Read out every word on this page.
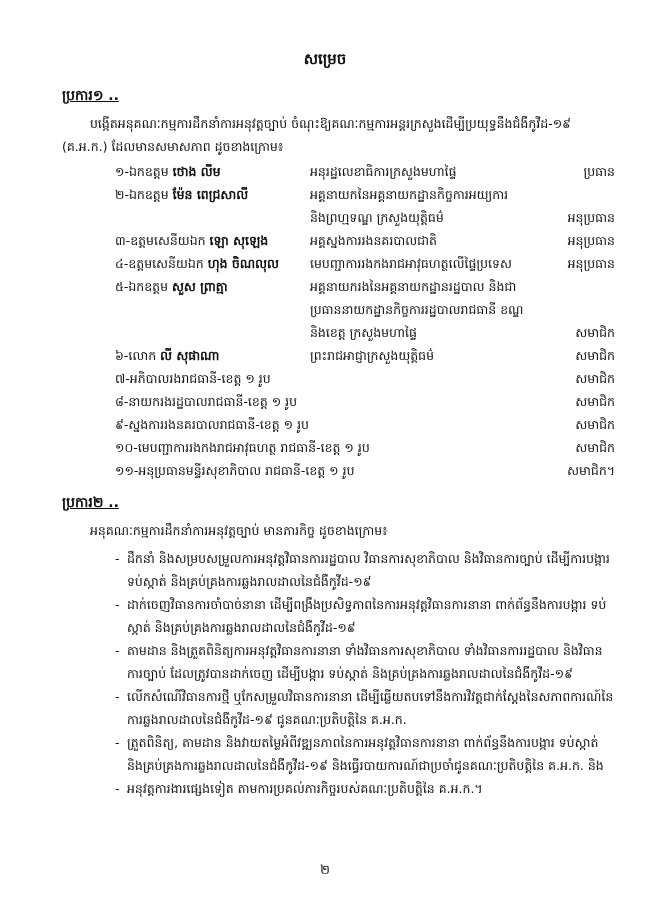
សម្រេច
ប្រការ១ ..
បង្កើតអនុគណៈកម្មការដឹកនាំការអនុវត្តច្បាប់ ចំណុះឱ្យគណៈកម្មការអន្តរក្រសួងដើម្បីប្រយុទ្ធនឹងជំងឺកូវីដ-១៩ (គ.អ.ក.) ដែលមានសមាសភាព ដូចខាងក្រោម៖
១-ឯកឧត្តម ថោង លីម	អនុរដ្ឋលេខាធិការក្រសួងមហាផ្ទៃ	ប្រធាន
២-ឯកឧត្តម ម៉ែន ពេជ្រសាលី	អគ្គនាយកនៃអគ្គនាយកដ្ឋានកិច្ចការអយ្យការ
និងព្រហ្មទណ្ឌ ក្រសួងយុត្តិធម៌	អនុប្រធាន
៣-ឧត្តមសេនីយឯក ឡោ សុឡេង	អគ្គស្នងការរងនគរបាលជាតិ	អនុប្រធាន
៤-ឧត្តមសេនីយឯក ហុង ចិណលុល	មេបញ្ជាការរងកងរាជអាវុធហត្ថលើផ្ទៃប្រទេស	អនុប្រធាន
៥-ឯកឧត្តម សួស ព្រាត្មា	អគ្គនាយករងនៃអគ្គនាយកដ្ឋានរដ្ឋបាល និងជា
ប្រធាននាយកដ្ឋានកិច្ចការរដ្ឋបាលរាជធានី ខណ្ឌ
និងខេត្ត ក្រសួងមហាផ្ទៃ	សមាជិក
៦-លោក លី សុផាណា	ព្រះរាជអាជ្ញាក្រសួងយុត្តិធម៌	សមាជិក
៧-អភិបាលរងរាជធានី-ខេត្ត ១ រូប	សមាជិក
៨-នាយករងរដ្ឋបាលរាជធានី-ខេត្ត ១ រូប	សមាជិក
៩-ស្នងការរងនគរបាលរាជធានី-ខេត្ត ១ រូប	សមាជិក
១០-មេបញ្ជាការរងកងរាជអាវុធហត្ថ រាជធានី-ខេត្ត ១ រូប	សមាជិក
១១-អនុប្រធានមន្ទីរសុខាភិបាល រាជធានី-ខេត្ត ១ រូប	សមាជិក។
ប្រការ២ ..
អនុគណៈកម្មការដឹកនាំការអនុវត្តច្បាប់ មានភារកិច្ច ដូចខាងក្រោម៖
- ដឹកនាំ និងសម្របសម្រួលការអនុវត្តវិធានការរដ្ឋបាល វិធានការសុខាភិបាល និងវិធានការច្បាប់ ដើម្បីការបង្ការ ទប់ស្កាត់ និងគ្រប់គ្រងការឆ្លងរាលដាលនៃជំងឺកូវីដ-១៩
- ដាក់ចេញវិធានការចាំបាច់នានា ដើម្បីពង្រឹងប្រសិទ្ធភាពនៃការអនុវត្តវិធានការនានា ពាក់ព័ន្ធនឹងការបង្ការ ទប់ស្កាត់ និងគ្រប់គ្រងការឆ្លងរាលដាលនៃជំងឺកូវីដ-១៩
- តាមដាន និងត្រួតពិនិត្យការអនុវត្តវិធានការនានា ទាំងវិធានការសុខាភិបាល ទាំងវិធានការរដ្ឋបាល និងវិធានការច្បាប់ ដែលត្រូវបានដាក់ចេញ ដើម្បីបង្ការ ទប់ស្កាត់ និងគ្រប់គ្រងការឆ្លងរាលដាលនៃជំងឺកូវីដ-១៩
- លើកសំណើវិធានការថ្មី ឬកែសម្រួលវិធានការនានា ដើម្បីឆ្លើយតបទៅនឹងការវិវត្តជាក់ស្តែងនៃសភាពការណ៍នៃការឆ្លងរាលដាលនៃជំងឺកូវីដ-១៩ ជូនគណៈប្រតិបត្តិនៃ គ.អ.ក.
- ត្រួតពិនិត្យ, តាមដាន និងវាយតម្លៃអំពីវឌ្ឍនភាពនៃការអនុវត្តវិធានការនានា ពាក់ព័ន្ធនឹងការបង្ការ ទប់ស្កាត់ និងគ្រប់គ្រងការឆ្លងរាលដាលនៃជំងឺកូវីដ-១៩ និងធ្វើរបាយការណ៍ជាប្រចាំជូនគណៈប្រតិបត្តិនៃ គ.អ.ក. និង
- អនុវត្តការងារផ្សេងទៀត តាមការប្រគល់ភារកិច្ចរបស់គណៈប្រតិបត្តិនៃ គ.អ.ក.។
២
